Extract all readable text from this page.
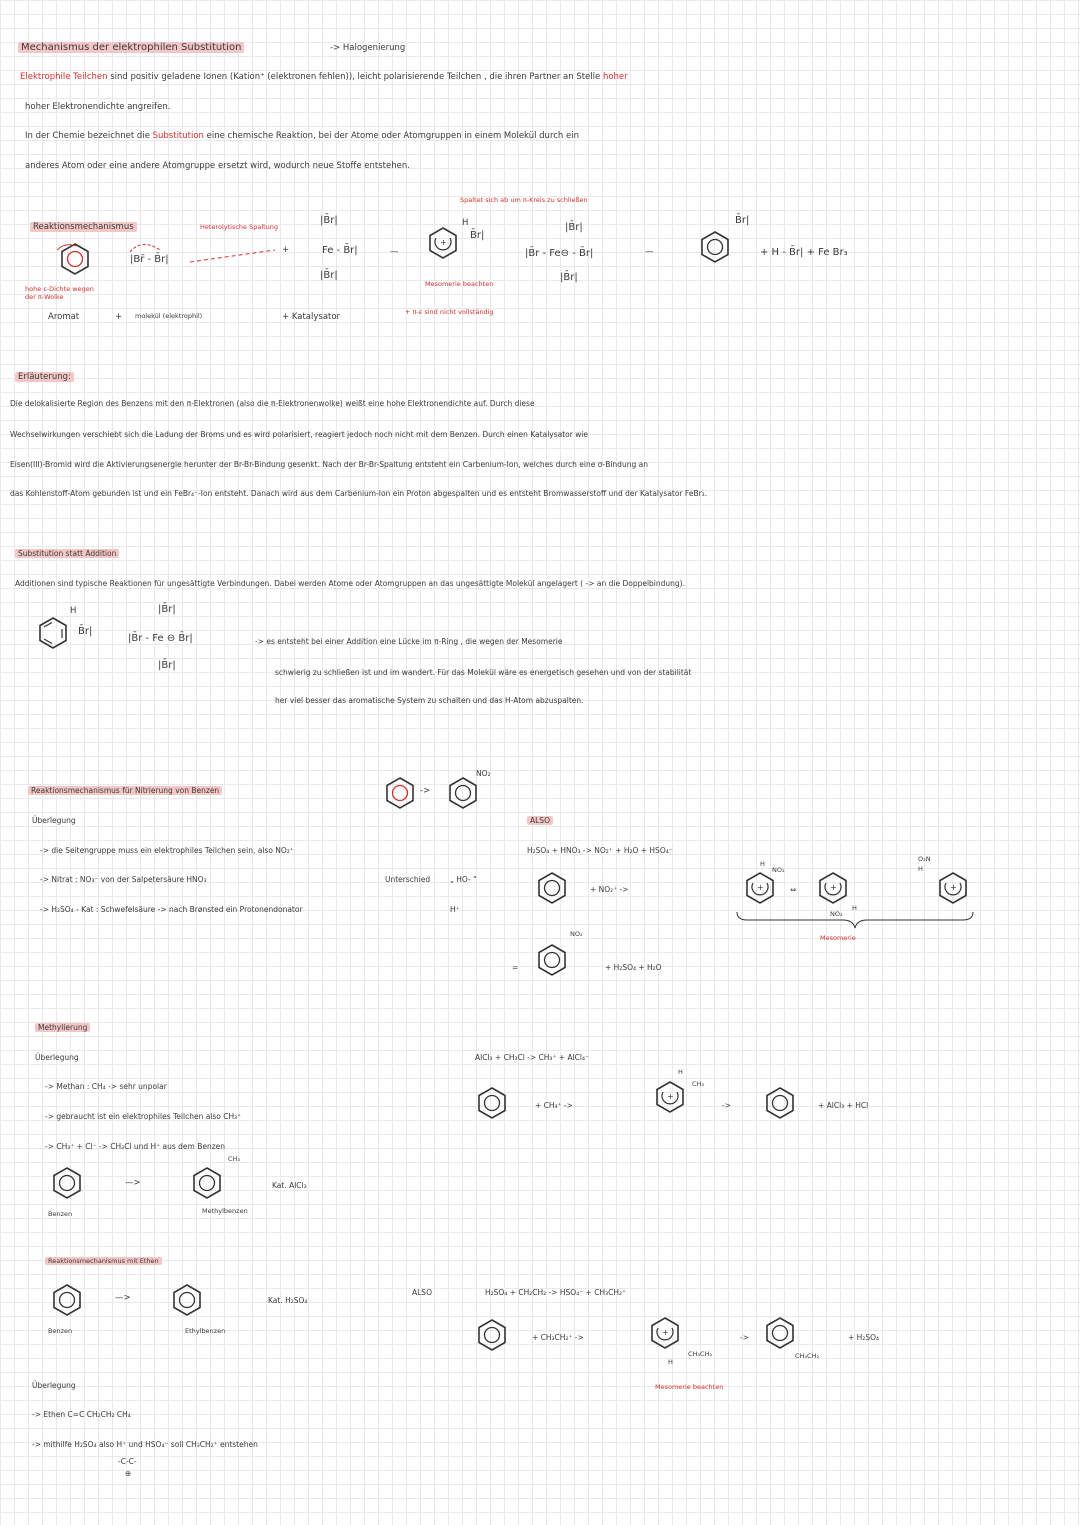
Mechanismus der elektrophilen Substitution	-> Halogenierung
Elektrophile Teilchen sind positiv geladene Ionen (Kation⁺ (elektronen fehlen)), leicht polarisierende Teilchen , die ihren Partner an Stelle hoher
hoher Elektronendichte angreifen.
In der Chemie bezeichnet die Substitution eine chemische Reaktion, bei der Atome oder Atomgruppen in einem Molekül durch ein
anderes Atom oder eine andere Atomgruppe ersetzt wird, wodurch neue Stoffe entstehen.
Reaktionsmechanismus	Heterolytische Spaltung
|Br̄ - B̄r|
hohe ε-Dichte wegen der π-Wolke
Aromat	+ molekül (elektrophil)	+ Katalysator
+
|B̄r|
Fe - B̄r|
|B̄r|
—
Spaltet sich ab um π-Kreis zu schließen
H
B̄r|
Mesomerie beachten
+ π-ε sind nicht vollständig
|B̄r|
|B̄r - Fe⊖ - B̄r|
|B̄r|
—
B̄r|
+ H - B̄r| + Fe Br₃
Erläuterung:
Die delokalisierte Region des Benzens mit den π-Elektronen (also die π-Elektronenwolke) weißt eine hohe Elektronendichte auf. Durch diese
Wechselwirkungen verschiebt sich die Ladung der Broms und es wird polarisiert, reagiert jedoch noch nicht mit dem Benzen. Durch einen Katalysator wie
Eisen(III)-Bromid wird die Aktivierungsenergie herunter der Br-Br-Bindung gesenkt. Nach der Br-Br-Spaltung entsteht ein Carbenium-Ion, welches durch eine σ-Bindung an
das Kohlenstoff-Atom gebunden ist und ein FeBr₄⁻-Ion entsteht. Danach wird aus dem Carbenium-Ion ein Proton abgespalten und es entsteht Bromwasserstoff und der Katalysator FeBr₃.
Substitution statt Addition
Additionen sind typische Reaktionen für ungesättigte Verbindungen. Dabei werden Atome oder Atomgruppen an das ungesättigte Molekül angelagert ( -> an die Doppelbindung).
H
B̄r|
|B̄r|
|B̄r - Fe ⊖ B̄r|
|B̄r|
-> es entsteht bei einer Addition eine Lücke im π-Ring , die wegen der Mesomerie
schwierig zu schließen ist und im wandert. Für das Molekül wäre es energetisch gesehen und von der stabilität
her viel besser das aromatische System zu schalten und das H-Atom abzuspalten.
Reaktionsmechanismus für Nitrierung von Benzen	->
NO₂
Überlegung
-> die Seitengruppe muss ein elektrophiles Teilchen sein, also NO₂⁺
Unterschied	„ HO- "
-> Nitrat : NO₃⁻ von der Salpetersäure HNO₃
-> H₂SO₄ - Kat : Schwefelsäure -> nach Brønsted ein Protonendonator	H⁺
ALSO
H₂SO₄ + HNO₃ -> NO₂⁺ + H₂O + HSO₄⁻
+ NO₂⁺ ->
H
NO₂
⇔
NO₂
H
O₂N
H
Mesomerie
=
NO₂
+ H₂SO₄ + H₂O
Methylierung
Überlegung
-> Methan : CH₄ -> sehr unpolar
-> gebraucht ist ein elektrophiles Teilchen also CH₃⁺
-> CH₃⁺ + Cl⁻ -> CH₃Cl und H⁺ aus dem Benzen
CH₃
—>
Benzen	Methylbenzen
Kat. AlCl₃
AlCl₃ + CH₃Cl -> CH₃⁺ + AlCl₄⁻
+ CH₃⁺ ->
H
CH₃
->	+ AlCl₃ + HCl
Reaktionsmechanismus mit Ethen
—>
Benzen	Ethylbenzen
Kat. H₂SO₄
ALSO	H₂SO₄ + CH₂CH₂ -> HSO₄⁻ + CH₃CH₂⁺
+ CH₃CH₂⁺ ->
H
CH₃CH₂
Mesomerie beachten
->
CH₃CH₂
+ H₂SO₄
Überlegung
-> Ethen C=C CH₂CH₂ CH₄
-> mithilfe H₂SO₄ also H⁺ und HSO₄⁻ soll CH₃CH₂⁺ entstehen
-C-C-
⊕
